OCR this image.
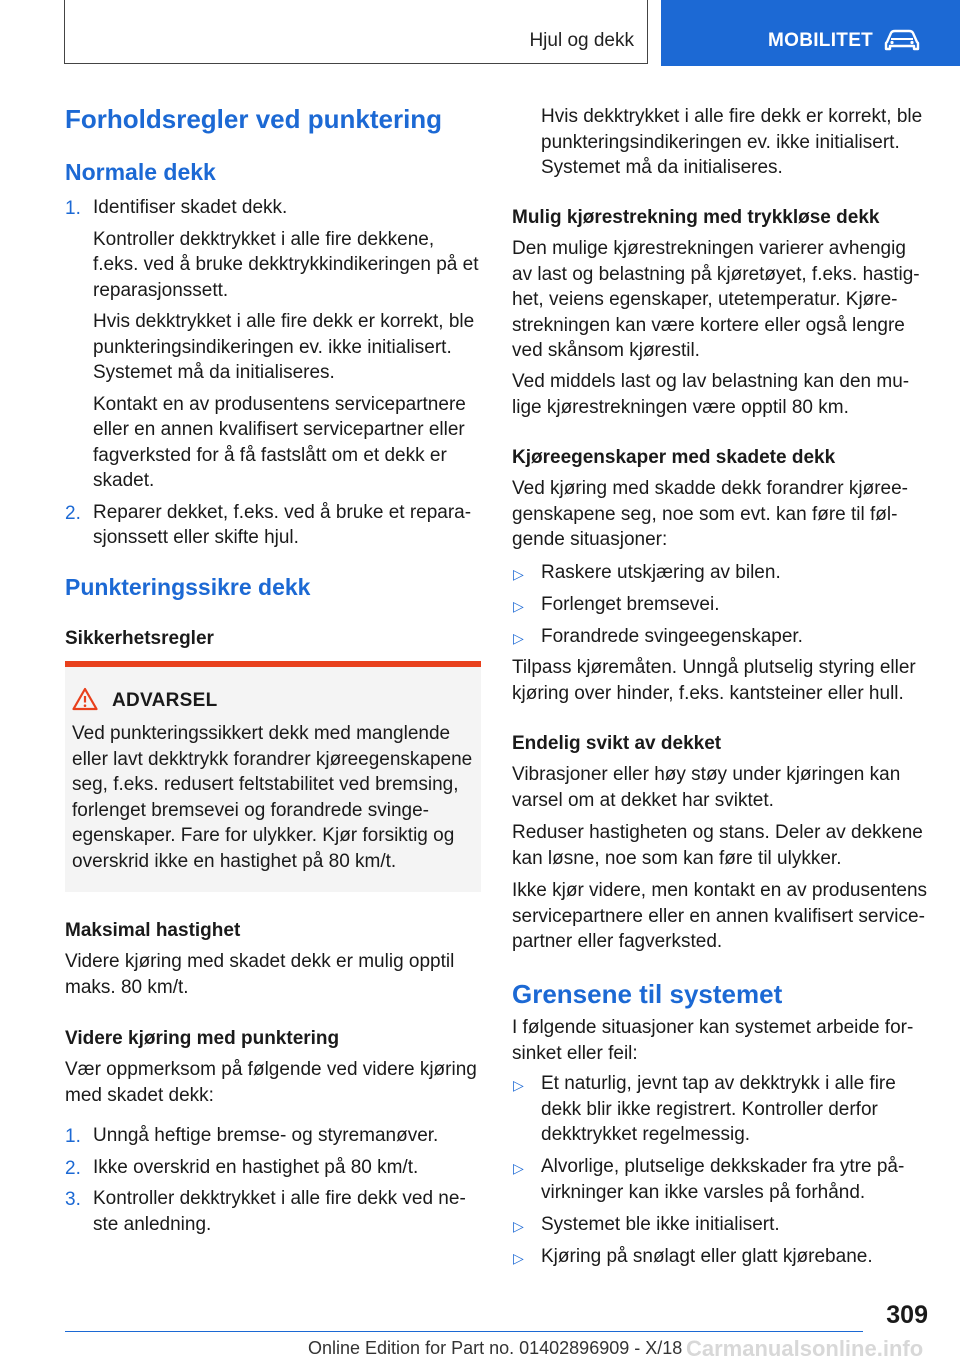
Hjul og dekk	MOBILITET
Forholdsregler ved punktering
Normale dekk
1. Identifiser skadet dekk.
Kontroller dekktrykket i alle fire dekkene,
f.eks. ved å bruke dekktrykkindikeringen på et
reparasjonssett.
Hvis dekktrykket i alle fire dekk er korrekt, ble
punkteringsindikeringen ev. ikke initialisert.
Systemet må da initialiseres.
Kontakt en av produsentens servicepartnere
eller en annen kvalifisert servicepartner eller
fagverksted for å få fastslått om et dekk er
skadet.
2. Reparer dekket, f.eks. ved å bruke et repara-
sjonssett eller skifte hjul.
Punkteringssikre dekk
Sikkerhetsregler
ADVARSEL
Ved punkteringssikkert dekk med manglende
eller lavt dekktrykk forandrer kjøreegenskapene
seg, f.eks. redusert feltstabilitet ved bremsing,
forlenget bremsevei og forandrede svinge-
egenskaper. Fare for ulykker. Kjør forsiktig og
overskrid ikke en hastighet på 80 km/t.
Maksimal hastighet
Videre kjøring med skadet dekk er mulig opptil
maks. 80 km/t.
Videre kjøring med punktering
Vær oppmerksom på følgende ved videre kjøring
med skadet dekk:
1. Unngå heftige bremse- og styremanøver.
2. Ikke overskrid en hastighet på 80 km/t.
3. Kontroller dekktrykket i alle fire dekk ved ne-
ste anledning.
Hvis dekktrykket i alle fire dekk er korrekt, ble
punkteringsindikeringen ev. ikke initialisert.
Systemet må da initialiseres.
Mulig kjørestrekning med trykkløse dekk
Den mulige kjørestrekningen varierer avhengig
av last og belastning på kjøretøyet, f.eks. hastig-
het, veiens egenskaper, utetemperatur. Kjøre-
strekningen kan være kortere eller også lengre
ved skånsom kjørestil.
Ved middels last og lav belastning kan den mu-
lige kjørestrekningen være opptil 80 km.
Kjøreegenskaper med skadete dekk
Ved kjøring med skadde dekk forandrer kjøree-
genskapene seg, noe som evt. kan føre til føl-
gende situasjoner:
▷ Raskere utskjæring av bilen.
▷ Forlenget bremsevei.
▷ Forandrede svingeegenskaper.
Tilpass kjøremåten. Unngå plutselig styring eller
kjøring over hinder, f.eks. kantsteiner eller hull.
Endelig svikt av dekket
Vibrasjoner eller høy støy under kjøringen kan
varsel om at dekket har sviktet.
Reduser hastigheten og stans. Deler av dekkene
kan løsne, noe som kan føre til ulykker.
Ikke kjør videre, men kontakt en av produsentens
servicepartnere eller en annen kvalifisert service-
partner eller fagverksted.
Grensene til systemet
I følgende situasjoner kan systemet arbeide for-
sinket eller feil:
▷ Et naturlig, jevnt tap av dekktrykk i alle fire
dekk blir ikke registrert. Kontroller derfor
dekktrykket regelmessig.
▷ Alvorlige, plutselige dekkskader fra ytre på-
virkninger kan ikke varsles på forhånd.
▷ Systemet ble ikke initialisert.
▷ Kjøring på snølagt eller glatt kjørebane.
309
Online Edition for Part no. 01402896909 - X/18 Carmanualsonline.info
